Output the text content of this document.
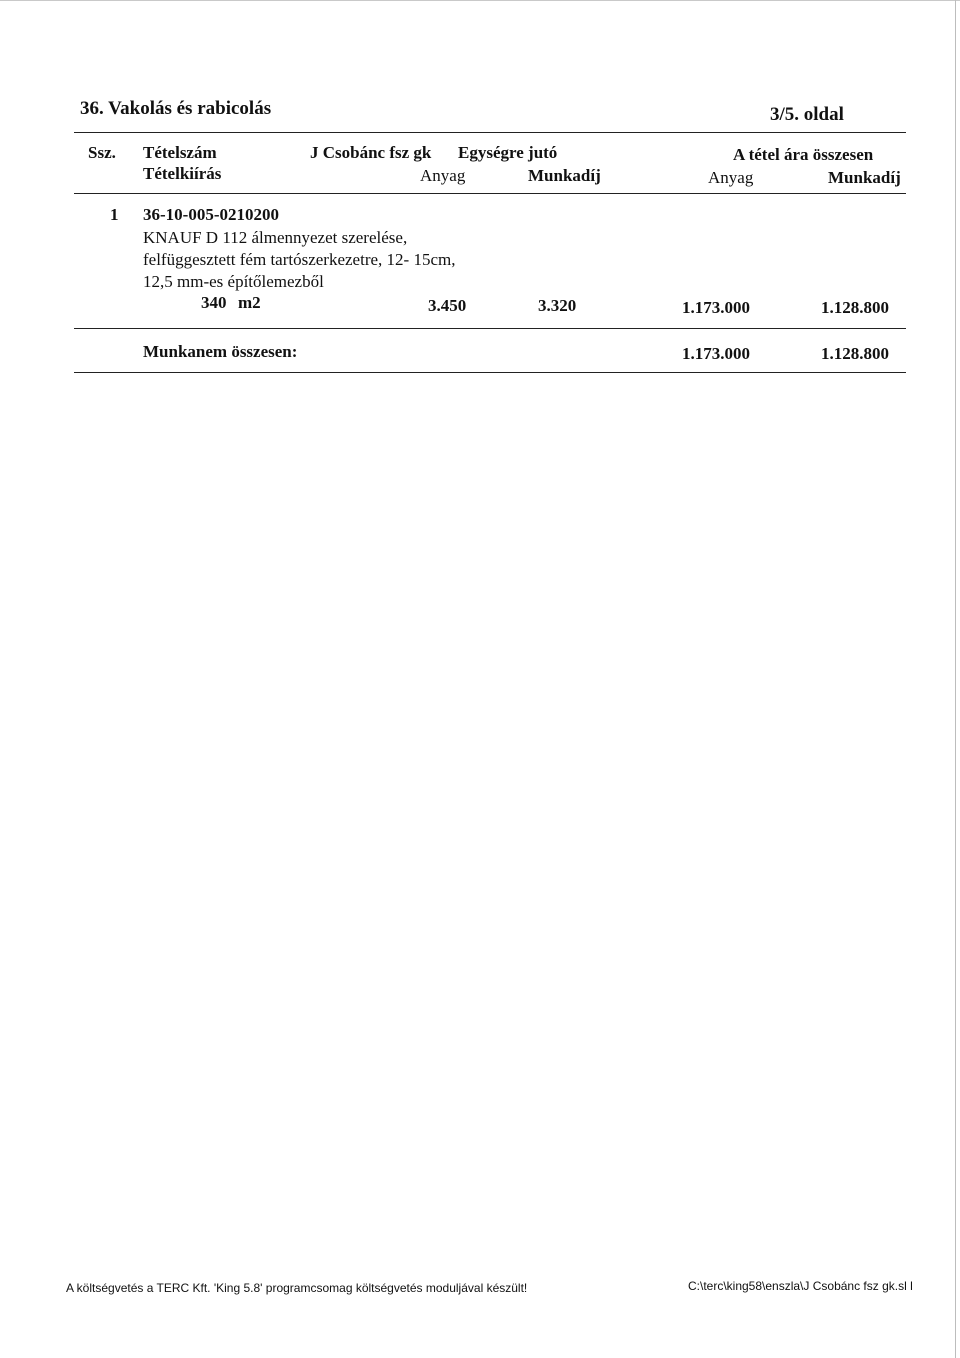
36. Vakolás és rabicolás	3/5. oldal
Ssz. Tételszám
Tételkiírás
J Csobánc fsz gk Egységre jutó
Anyag	Munkadíj
A tétel ára összesen
Anyag	Munkadíj
1 36-10-005-0210200
KNAUF D 112 álmennyezet szerelése,
felfüggesztett fém tartószerkezetre, 12- 15cm,
12,5 mm-es építőlemezből
340 m2	3.450	3.320	1.173.000	1.128.800
Munkanem összesen:	1.173.000	1.128.800
A költségvetés a TERC Kft. 'King 5.8' programcsomag költségvetés moduljával készült!	C:\terc\king58\enszla\J Csobánc fsz gk.sl l
